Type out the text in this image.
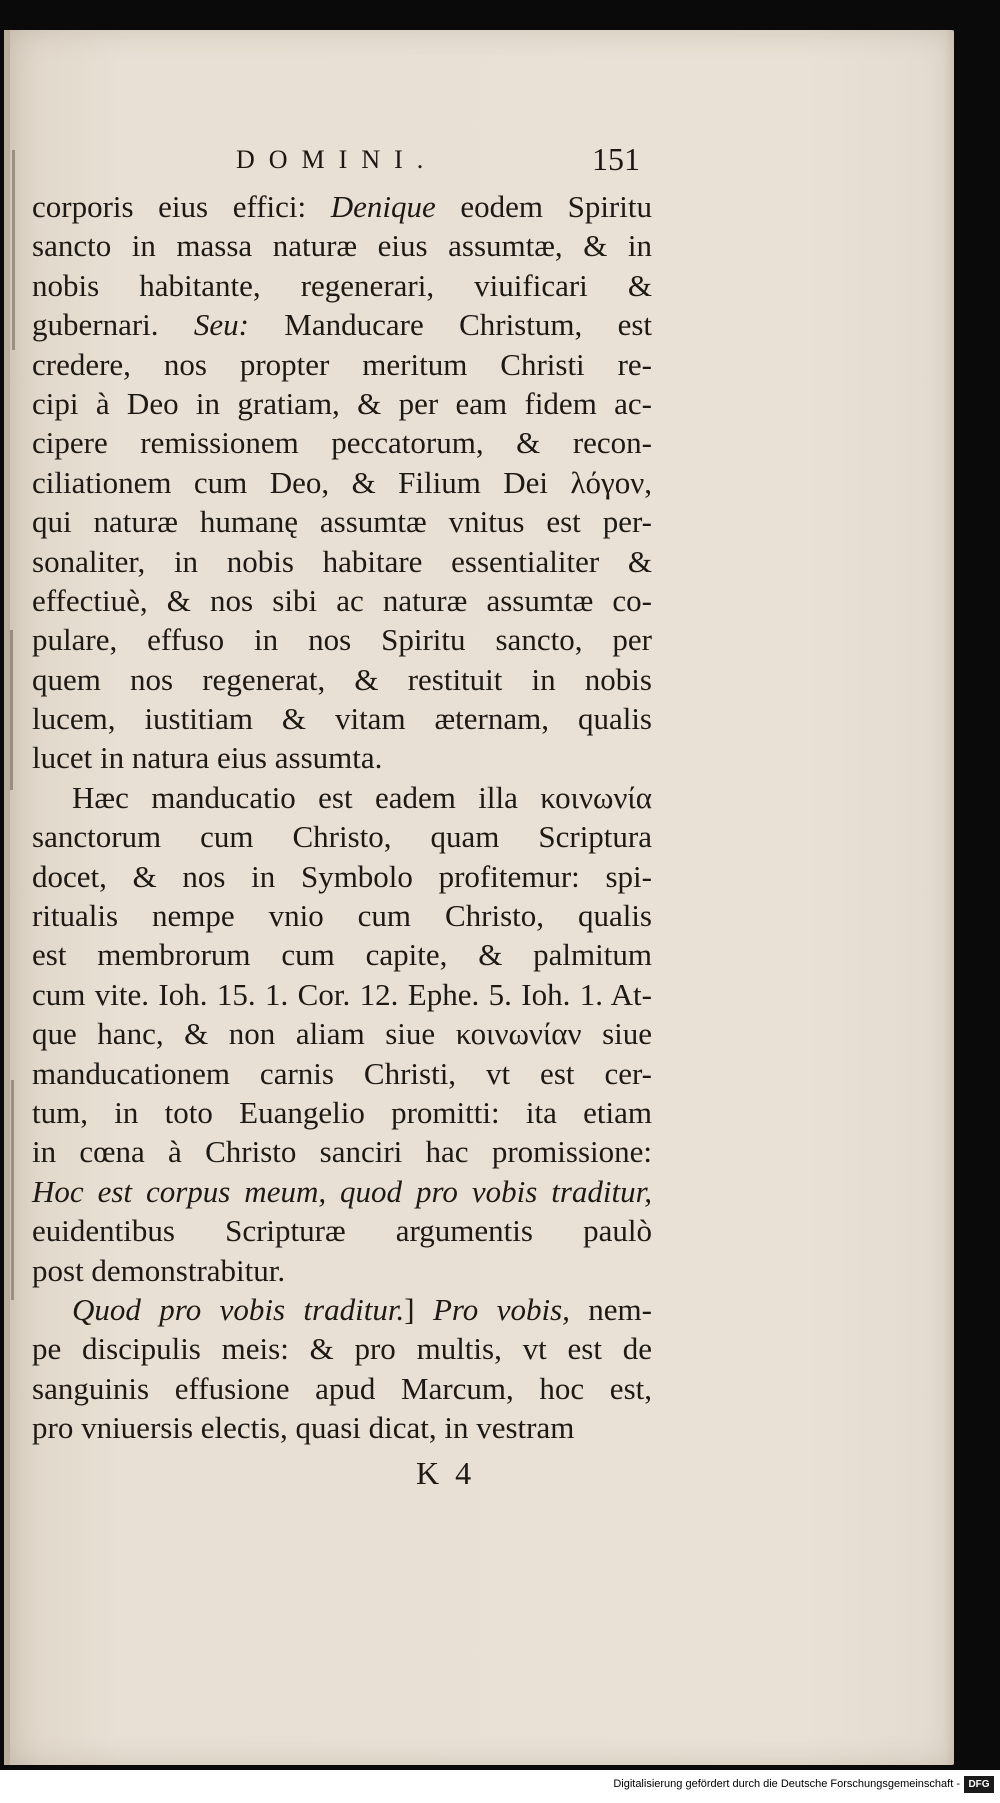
DOMINI.	151
corporis eius effici: Denique eodem Spiritu
sancto in massa naturæ eius assumtæ, & in
nobis habitante, regenerari, viuificari &
gubernari. Seu: Manducare Christum, est
credere, nos propter meritum Christi re-
cipi à Deo in gratiam, & per eam fidem ac-
cipere remissionem peccatorum, & recon-
ciliationem cum Deo, & Filium Dei λόγον,
qui naturæ humanę assumtæ vnitus est per-
sonaliter, in nobis habitare essentialiter &
effectiuè, & nos sibi ac naturæ assumtæ co-
pulare, effuso in nos Spiritu sancto, per
quem nos regenerat, & restituit in nobis
lucem, iustitiam & vitam æternam, qualis
lucet in natura eius assumta.
Hæc manducatio est eadem illa κοινωνία
sanctorum cum Christo, quam Scriptura
docet, & nos in Symbolo profitemur: spi-
ritualis nempe vnio cum Christo, qualis
est membrorum cum capite, & palmitum
cum vite. Ioh. 15. 1. Cor. 12. Ephe. 5. Ioh. 1. At-
que hanc, & non aliam siue κοινωνίαν siue
manducationem carnis Christi, vt est cer-
tum, in toto Euangelio promitti: ita etiam
in cœna à Christo sanciri hac promissione:
Hoc est corpus meum, quod pro vobis traditur,
euidentibus Scripturæ argumentis paulò
post demonstrabitur.
Quod pro vobis traditur.] Pro vobis, nem-
pe discipulis meis: & pro multis, vt est de
sanguinis effusione apud Marcum, hoc est,
pro vniuersis electis, quasi dicat, in vestram
K 4
Digitalisierung gefördert durch die Deutsche Forschungsgemeinschaft - DFG
